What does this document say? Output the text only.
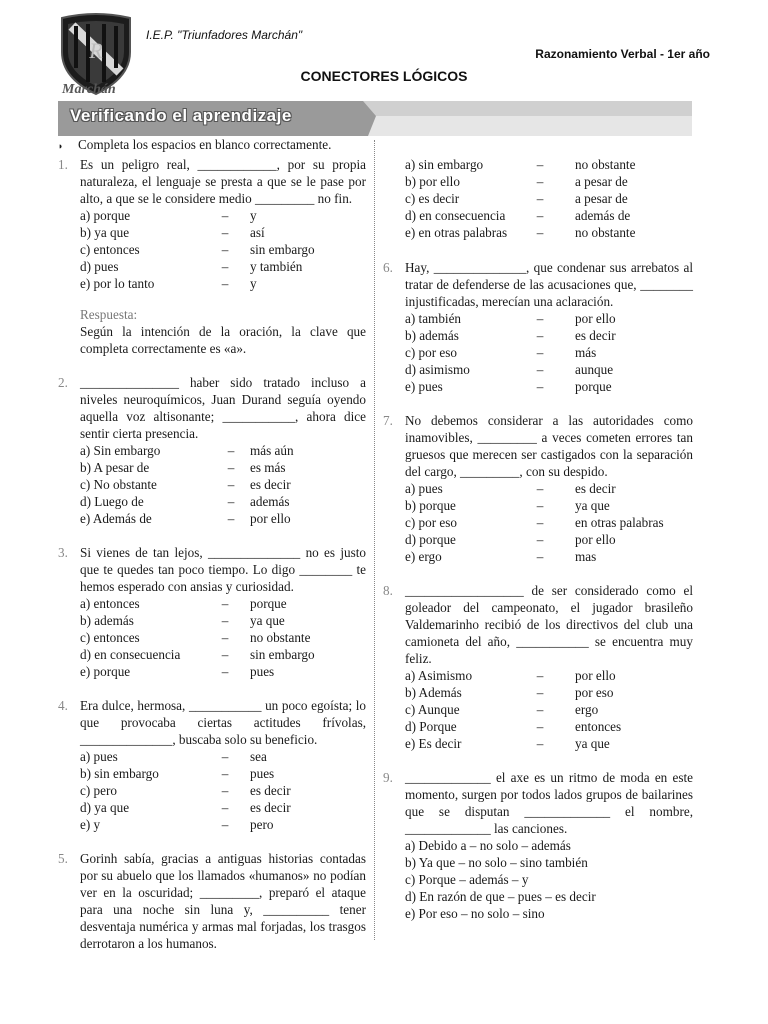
R
Marchán
I.E.P. "Triunfadores Marchán"
Razonamiento Verbal - 1er año
CONECTORES LÓGICOS
Verificando el aprendizaje
◗ Completa los espacios en blanco correctamente.
1. Es un peligro real, ____________, por su propia naturaleza, el lenguaje se presta a que se le pase por alto, a que se le considere medio _________ no fin.
a) porque	–	y
b) ya que	–	así
c) entonces	–	sin embargo
d) pues	–	y también
e) por lo tanto	–	y
Respuesta:
Según la intención de la oración, la clave que completa correctamente es «a».
2. _______________ haber sido tratado incluso a niveles neuroquímicos, Juan Durand seguía oyendo aquella voz altisonante; ___________, ahora dice sentir cierta presencia.
a) Sin embargo	–	más aún
b) A pesar de	–	es más
c) No obstante	–	es decir
d) Luego de	–	además
e) Además de	–	por ello
3. Si vienes de tan lejos, ______________ no es justo que te quedes tan poco tiempo. Lo digo ________ te hemos esperado con ansias y curiosidad.
a) entonces	–	porque
b) además	–	ya que
c) entonces	–	no obstante
d) en consecuencia	–	sin embargo
e) porque	–	pues
4. Era dulce, hermosa, ___________ un poco egoísta; lo que provocaba ciertas actitudes frívolas, ______________, buscaba solo su beneficio.
a) pues	–	sea
b) sin embargo	–	pues
c) pero	–	es decir
d) ya que	–	es decir
e) y	–	pero
5. Gorinh sabía, gracias a antiguas historias contadas por su abuelo que los llamados «humanos» no podían ver en la oscuridad; _________, preparó el ataque para una noche sin luna y, __________ tener desventaja numérica y armas mal forjadas, los trasgos derrotaron a los humanos.
a) sin embargo	–	no obstante
b) por ello	–	a pesar de
c) es decir	–	a pesar de
d) en consecuencia	–	además de
e) en otras palabras	–	no obstante
6. Hay, ______________, que condenar sus arrebatos al tratar de defenderse de las acusaciones que, ________ injustificadas, merecían una aclaración.
a) también	–	por ello
b) además	–	es decir
c) por eso	–	más
d) asimismo	–	aunque
e) pues	–	porque
7. No debemos considerar a las autoridades como inamovibles, _________ a veces cometen errores tan gruesos que merecen ser castigados con la separación del cargo, _________, con su despido.
a) pues	–	es decir
b) porque	–	ya que
c) por eso	–	en otras palabras
d) porque	–	por ello
e) ergo	–	mas
8. __________________ de ser considerado como el goleador del campeonato, el jugador brasileño Valdemarinho recibió de los directivos del club una camioneta del año, ___________ se encuentra muy feliz.
a) Asimismo	–	por ello
b) Además	–	por eso
c) Aunque	–	ergo
d) Porque	–	entonces
e) Es decir	–	ya que
9. _____________ el axe es un ritmo de moda en este momento, surgen por todos lados grupos de bailarines que se disputan _____________ el nombre, _____________ las canciones.
a) Debido a – no solo – además
b) Ya que – no solo – sino también
c) Porque – además – y
d) En razón de que – pues – es decir
e) Por eso – no solo – sino
